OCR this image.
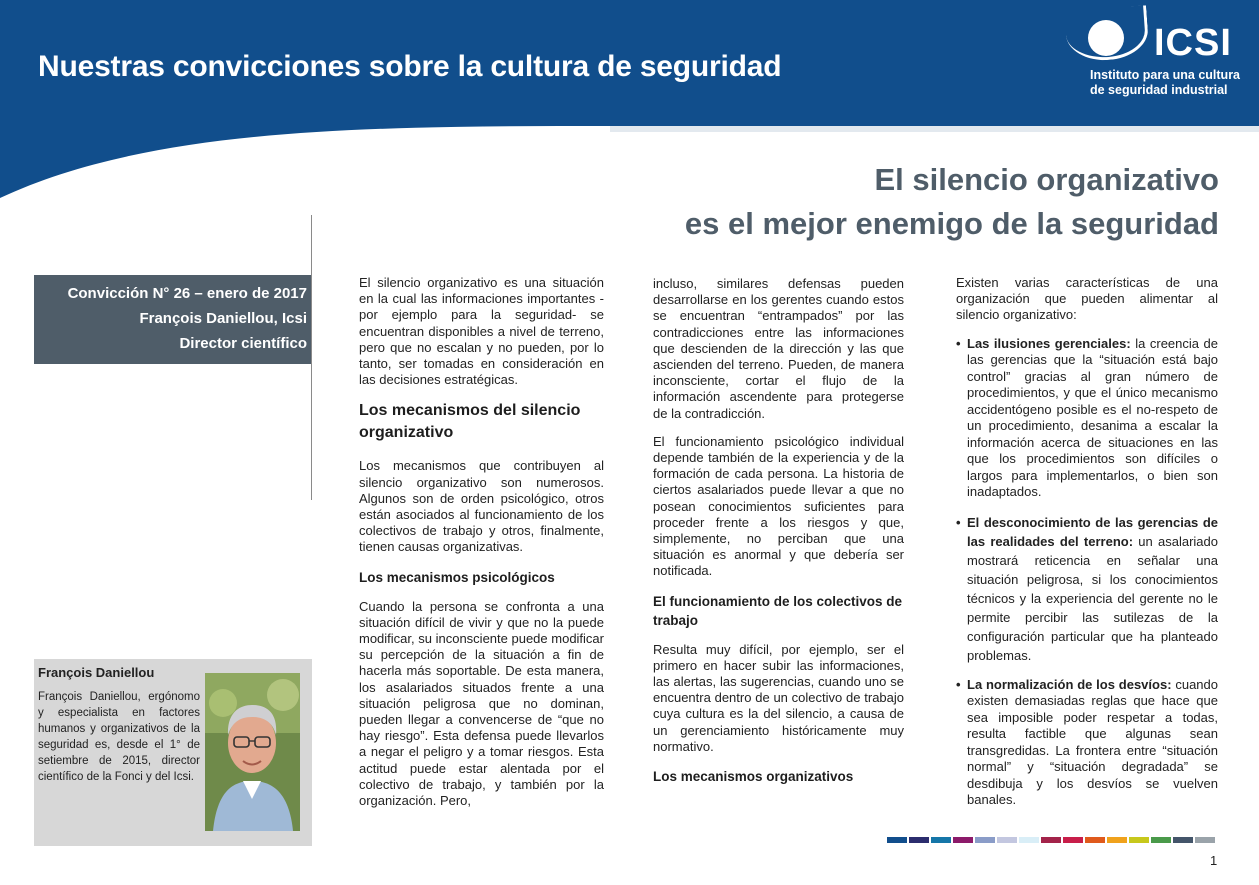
Nuestras convicciones sobre la cultura de seguridad
ICSI
Instituto para una cultura
de seguridad industrial
El silencio organizativo
es el mejor enemigo de la seguridad
Convicción N° 26 – enero de 2017
François Daniellou, Icsi
Director científico
François Daniellou
François Daniellou, ergónomo y especialista en factores humanos y organizativos de la seguridad es, desde el 1° de setiembre de 2015, director científico de la Fonci y del Icsi.

El silencio organizativo es una situación en la cual las informaciones importantes -por ejemplo para la seguridad- se encuentran disponibles a nivel de terreno, pero que no escalan y no pueden, por lo tanto, ser tomadas en consideración en las decisiones estratégicas.

Los mecanismos del silencio organizativo

Los mecanismos que contribuyen al silencio organizativo son numerosos. Algunos son de orden psicológico, otros están asociados al funcionamiento de los colectivos de trabajo y otros, finalmente, tienen causas organizativas.

Los mecanismos psicológicos

Cuando la persona se confronta a una situación difícil de vivir y que no la puede modificar, su inconsciente puede modificar su percepción de la situación a fin de hacerla más soportable. De esta manera, los asalariados situados frente a una situación peligrosa que no dominan, pueden llegar a convencerse de “que no hay riesgo”. Esta defensa puede llevarlos a negar el peligro y a tomar riesgos. Esta actitud puede estar alentada por el colectivo de trabajo, y también por la organización. Pero,

incluso, similares defensas pueden desarrollarse en los gerentes cuando estos se encuentran “entrampados” por las contradicciones entre las informaciones que descienden de la dirección y las que ascienden del terreno. Pueden, de manera inconsciente, cortar el flujo de la información ascendente para protegerse de la contradicción.

El funcionamiento psicológico individual depende también de la experiencia y de la formación de cada persona. La historia de ciertos asalariados puede llevar a que no posean conocimientos suficientes para proceder frente a los riesgos y que, simplemente, no perciban que una situación es anormal y que debería ser notificada.

El funcionamiento de los colectivos de trabajo

Resulta muy difícil, por ejemplo, ser el primero en hacer subir las informaciones, las alertas, las sugerencias, cuando uno se encuentra dentro de un colectivo de trabajo cuya cultura es la del silencio, a causa de un gerenciamiento históricamente muy normativo.

Los mecanismos organizativos

Existen varias características de una organización que pueden alimentar al silencio organizativo:

• Las ilusiones gerenciales: la creencia de las gerencias que la “situación está bajo control” gracias al gran número de procedimientos, y que el único mecanismo accidentógeno posible es el no-respeto de un procedimiento, desanima a escalar la información acerca de situaciones en las que los procedimientos son difíciles o largos para implementarlos, o bien son inadaptados.
• El desconocimiento de las gerencias de las realidades del terreno: un asalariado mostrará reticencia en señalar una situación peligrosa, si los conocimientos técnicos y la experiencia del gerente no le permite percibir las sutilezas de la configuración particular que ha planteado problemas.
• La normalización de los desvíos: cuando existen demasiadas reglas que hace que sea imposible poder respetar a todas, resulta factible que algunas sean transgredidas. La frontera entre “situación normal” y “situación degradada” se desdibuja y los desvíos se vuelven banales.
1
